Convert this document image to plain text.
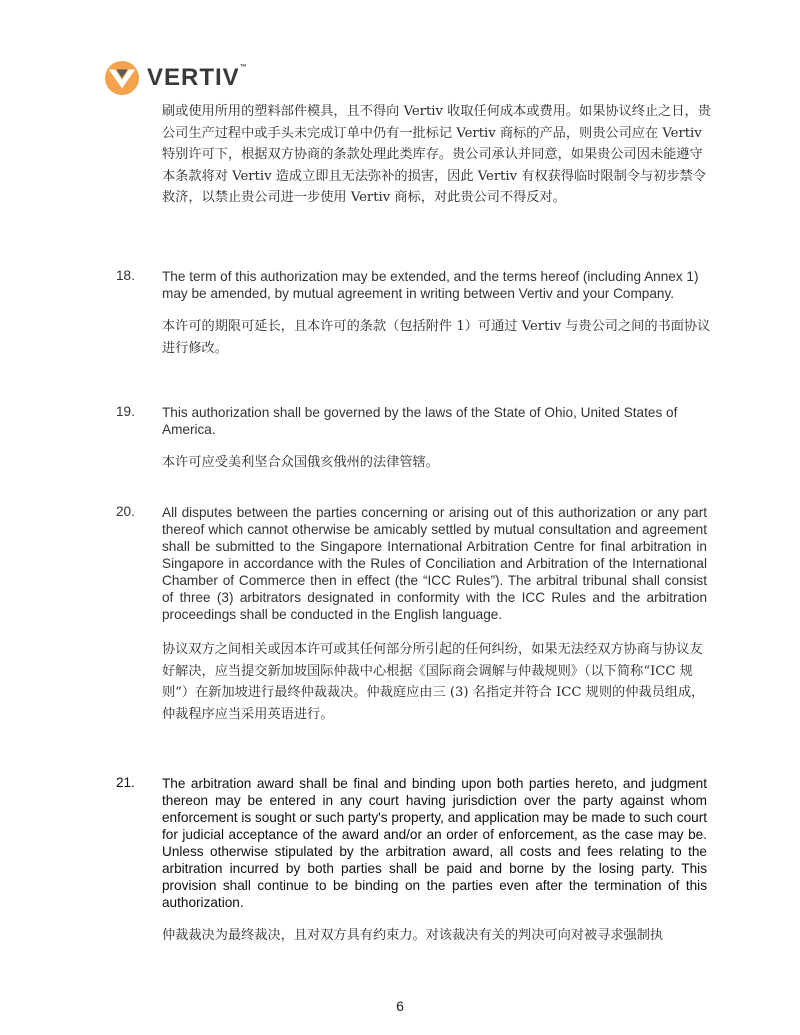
VERTIV™

刷或使用所用的塑料部件模具，且不得向 Vertiv 收取任何成本或费用。如果协议终止之日，贵公司生产过程中或手头未完成订单中仍有一批标记 Vertiv 商标的产品，则贵公司应在 Vertiv 特别许可下，根据双方协商的条款处理此类库存。贵公司承认并同意，如果贵公司因未能遵守本条款将对 Vertiv 造成立即且无法弥补的损害，因此 Vertiv 有权获得临时限制令与初步禁令救济，以禁止贵公司进一步使用 Vertiv 商标，对此贵公司不得反对。

18. The term of this authorization may be extended, and the terms hereof (including Annex 1) may be amended, by mutual agreement in writing between Vertiv and your Company.

本许可的期限可延长，且本许可的条款（包括附件 1）可通过 Vertiv 与贵公司之间的书面协议进行修改。

19. This authorization shall be governed by the laws of the State of Ohio, United States of America.

本许可应受美利坚合众国俄亥俄州的法律管辖。

20. All disputes between the parties concerning or arising out of this authorization or any part thereof which cannot otherwise be amicably settled by mutual consultation and agreement shall be submitted to the Singapore International Arbitration Centre for final arbitration in Singapore in accordance with the Rules of Conciliation and Arbitration of the International Chamber of Commerce then in effect (the “ICC Rules”). The arbitral tribunal shall consist of three (3) arbitrators designated in conformity with the ICC Rules and the arbitration proceedings shall be conducted in the English language.

协议双方之间相关或因本许可或其任何部分所引起的任何纠纷，如果无法经双方协商与协议友好解决，应当提交新加坡国际仲裁中心根据《国际商会调解与仲裁规则》（以下简称“ICC 规则”）在新加坡进行最终仲裁裁决。仲裁庭应由三 (3) 名指定并符合 ICC 规则的仲裁员组成，仲裁程序应当采用英语进行。

21. The arbitration award shall be final and binding upon both parties hereto, and judgment thereon may be entered in any court having jurisdiction over the party against whom enforcement is sought or such party's property, and application may be made to such court for judicial acceptance of the award and/or an order of enforcement, as the case may be. Unless otherwise stipulated by the arbitration award, all costs and fees relating to the arbitration incurred by both parties shall be paid and borne by the losing party. This provision shall continue to be binding on the parties even after the termination of this authorization.

仲裁裁决为最终裁决，且对双方具有约束力。对该裁决有关的判决可向对被寻求强制执

6
